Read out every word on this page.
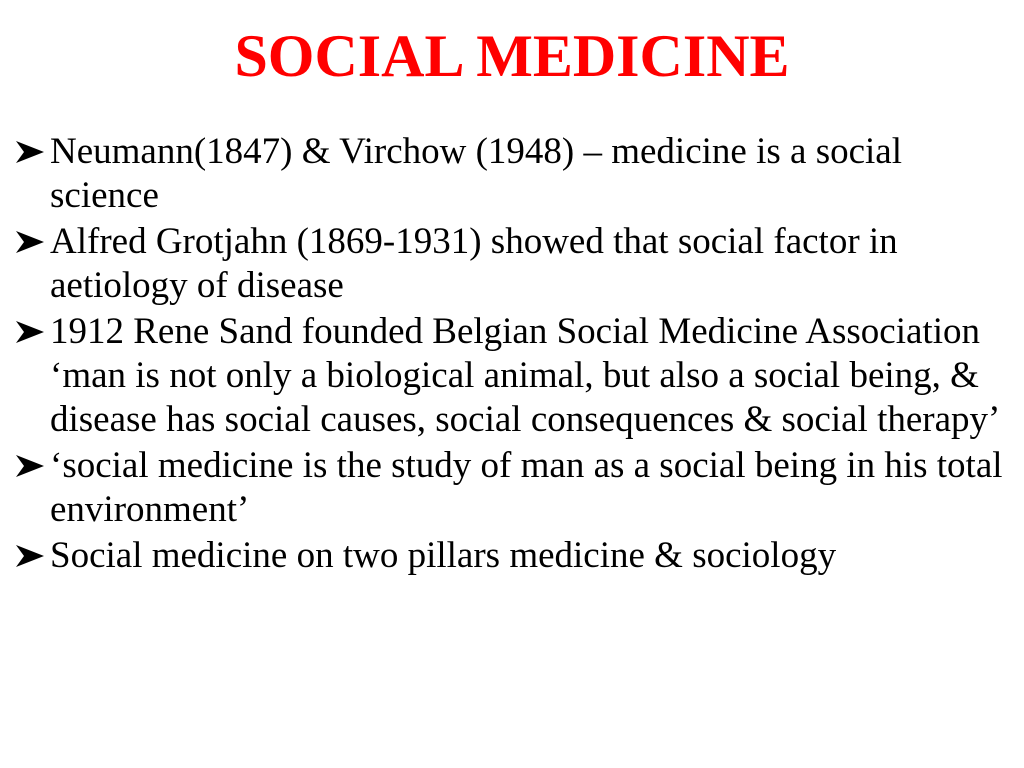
SOCIAL MEDICINE
Neumann(1847) & Virchow (1948) – medicine is a social science
Alfred Grotjahn (1869-1931) showed that social factor in aetiology of disease
1912 Rene Sand founded Belgian Social Medicine Association ‘man is not only a biological animal, but also a social being, & disease has social causes, social consequences & social therapy’
‘social medicine is the study of man as a social being in his total environment’
Social medicine on two pillars medicine & sociology
